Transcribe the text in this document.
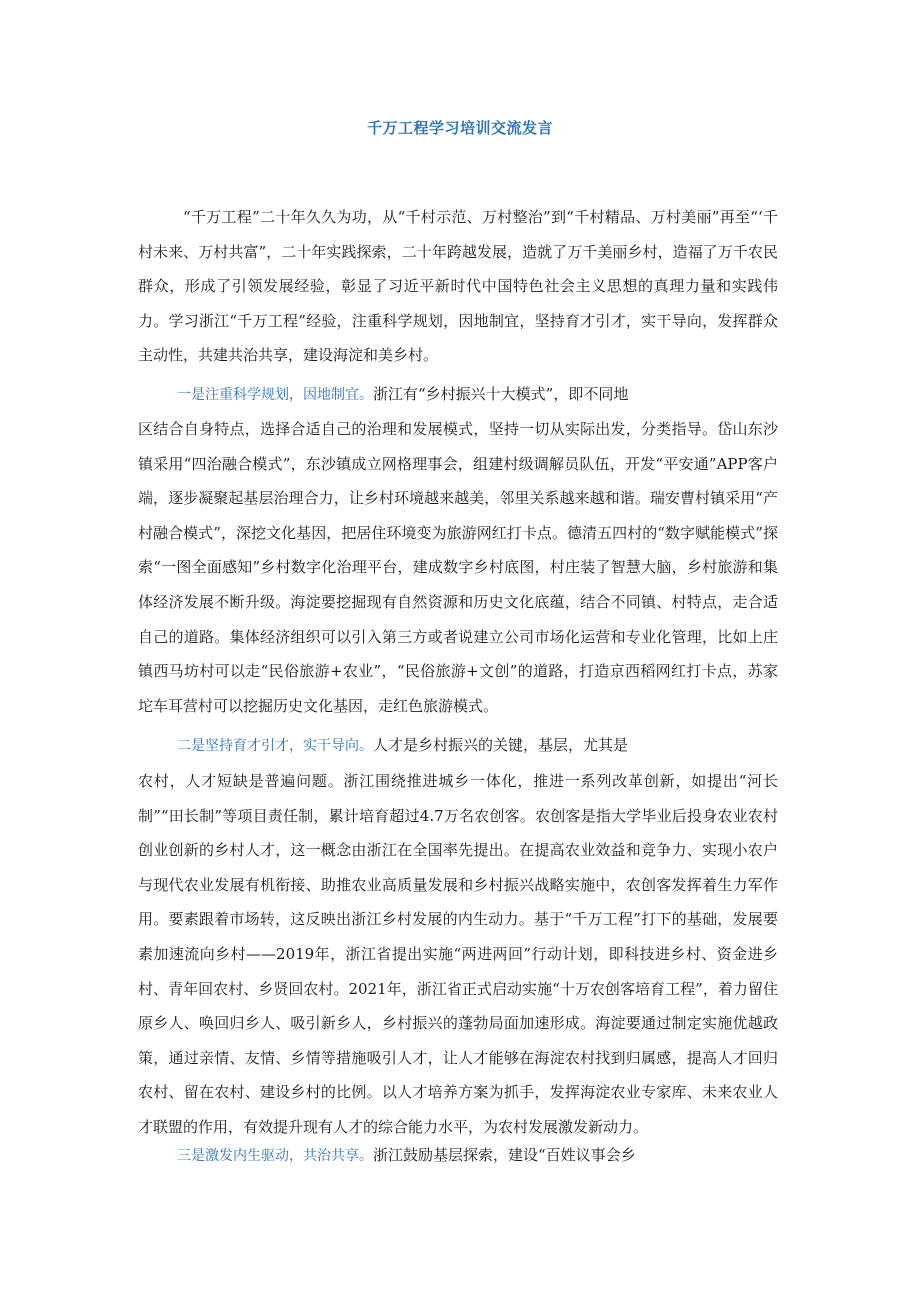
千万工程学习培训交流发言

“千万工程”二十年久久为功，从“千村示范、万村整治”到“千村精品、万村美丽”再至“‘千村未来、万村共富”，二十年实践探索，二十年跨越发展，造就了万千美丽乡村，造福了万千农民群众，形成了引领发展经验，彰显了习近平新时代中国特色社会主义思想的真理力量和实践伟力。学习浙江“千万工程”经验，注重科学规划，因地制宜，坚持育才引才，实干导向，发挥群众主动性，共建共治共享，建设海淀和美乡村。

一是注重科学规划，因地制宜。浙江有“乡村振兴十大模式”，即不同地

区结合自身特点，选择合适自己的治理和发展模式，坚持一切从实际出发，分类指导。岱山东沙镇采用“四治融合模式”，东沙镇成立网格理事会，组建村级调解员队伍，开发“平安通”APP客户端，逐步凝聚起基层治理合力，让乡村环境越来越美，邻里关系越来越和谐。瑞安曹村镇采用“产村融合模式”，深挖文化基因，把居住环境变为旅游网红打卡点。德清五四村的“数字赋能模式”探索“一图全面感知”乡村数字化治理平台，建成数字乡村底图，村庄装了智慧大脑，乡村旅游和集体经济发展不断升级。海淀要挖掘现有自然资源和历史文化底蕴，结合不同镇、村特点，走合适自己的道路。集体经济组织可以引入第三方或者说建立公司市场化运营和专业化管理，比如上庄镇西马坊村可以走“民俗旅游+农业”，“民俗旅游+文创”的道路，打造京西稻网红打卡点，苏家坨车耳营村可以挖掘历史文化基因，走红色旅游模式。

二是坚持育才引才，实干导向。人才是乡村振兴的关键，基层，尤其是

农村，人才短缺是普遍问题。浙江围绕推进城乡一体化，推进一系列改革创新，如提出“河长制”“田长制”等项目责任制，累计培育超过4.7万名农创客。农创客是指大学毕业后投身农业农村创业创新的乡村人才，这一概念由浙江在全国率先提出。在提高农业效益和竞争力、实现小农户与现代农业发展有机衔接、助推农业高质量发展和乡村振兴战略实施中，农创客发挥着生力军作用。要素跟着市场转，这反映出浙江乡村发展的内生动力。基于“千万工程”打下的基础，发展要素加速流向乡村——2019年，浙江省提出实施“两进两回”行动计划，即科技进乡村、资金进乡村、青年回农村、乡贤回农村。2021年，浙江省正式启动实施“十万农创客培育工程”，着力留住原乡人、唤回归乡人、吸引新乡人，乡村振兴的蓬勃局面加速形成。海淀要通过制定实施优越政策，通过亲情、友情、乡情等措施吸引人才，让人才能够在海淀农村找到归属感，提高人才回归农村、留在农村、建设乡村的比例。以人才培养方案为抓手，发挥海淀农业专家库、未来农业人才联盟的作用，有效提升现有人才的综合能力水平，为农村发展激发新动力。

三是激发内生驱动，共治共享。浙江鼓励基层探索，建设“百姓议事会乡
